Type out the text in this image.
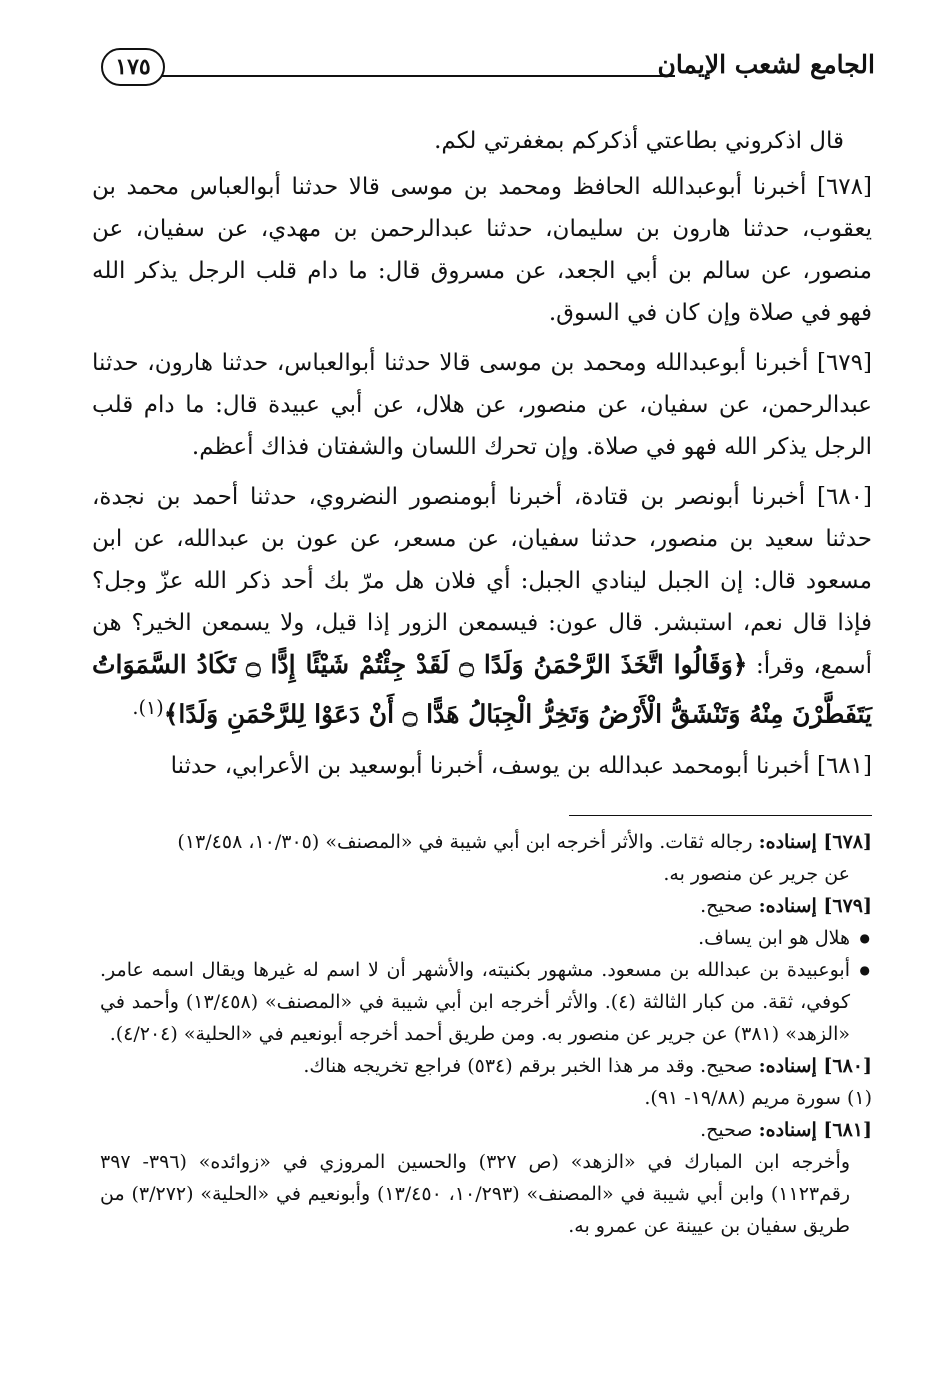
الجامع لشعب الإيمان
١٧٥

قال اذكروني بطاعتي أذكركم بمغفرتي لكم.

[٦٧٨] أخبرنا أبوعبدالله الحافظ ومحمد بن موسى قالا حدثنا أبوالعباس محمد بن يعقوب، حدثنا هارون بن سليمان، حدثنا عبدالرحمن بن مهدي، عن سفيان، عن منصور، عن سالم بن أبي الجعد، عن مسروق قال: ما دام قلب الرجل يذكر الله فهو في صلاة وإن كان في السوق.

[٦٧٩] أخبرنا أبوعبدالله ومحمد بن موسى قالا حدثنا أبوالعباس، حدثنا هارون، حدثنا عبدالرحمن، عن سفيان، عن منصور، عن هلال، عن أبي عبيدة قال: ما دام قلب الرجل يذكر الله فهو في صلاة. وإن تحرك اللسان والشفتان فذاك أعظم.

[٦٨٠] أخبرنا أبونصر بن قتادة، أخبرنا أبومنصور النضروي، حدثنا أحمد بن نجدة، حدثنا سعيد بن منصور، حدثنا سفيان، عن مسعر، عن عون بن عبدالله، عن ابن مسعود قال: إن الجبل لينادي الجبل: أي فلان هل مرّ بك أحد ذكر الله عزّ وجل؟ فإذا قال نعم، استبشر. قال عون: فيسمعن الزور إذا قيل، ولا يسمعن الخير؟ هن أسمع، وقرأ: ﴿وَقَالُوا اتَّخَذَ الرَّحْمَنُ وَلَدًا ۝ لَقَدْ جِئْتُمْ شَيْئًا إِدًّا ۝ تَكَادُ السَّمَوَاتُ يَتَفَطَّرْنَ مِنْهُ وَتَنْشَقُّ الْأَرْضُ وَتَخِرُّ الْجِبَالُ هَدًّا ۝ أَنْ دَعَوْا لِلرَّحْمَنِ وَلَدًا﴾$^{(١).}$

[٦٨١] أخبرنا أبومحمد عبدالله بن يوسف، أخبرنا أبوسعيد بن الأعرابي، حدثنا

[٦٧٨] إسناده: رجاله ثقات. والأثر أخرجه ابن أبي شيبة في «المصنف» (١٠/٣٠٥، ١٣/٤٥٨)

عن جرير عن منصور به.

[٦٧٩] إسناده: صحيح.

● هلال هو ابن يساف.

● أبوعبيدة بن عبدالله بن مسعود. مشهور بكنيته، والأشهر أن لا اسم له غيرها ويقال اسمه عامر. كوفي، ثقة. من كبار الثالثة (٤). والأثر أخرجه ابن أبي شيبة في «المصنف» (١٣/٤٥٨) وأحمد في «الزهد» (٣٨١) عن جرير عن منصور به. ومن طريق أحمد أخرجه أبونعيم في «الحلية» (٤/٢٠٤).

[٦٨٠] إسناده: صحيح. وقد مر هذا الخبر برقم (٥٣٤) فراجع تخريجه هناك.

(١) سورة مريم (١٩/٨٨- ٩١).

[٦٨١] إسناده: صحيح.

وأخرجه ابن المبارك في «الزهد» (ص ٣٢٧) والحسين المروزي في «زوائده» (٣٩٦- ٣٩٧ رقم١١٢٣) وابن أبي شيبة في «المصنف» (١٠/٢٩٣، ١٣/٤٥٠) وأبونعيم في «الحلية» (٣/٢٧٢) من طريق سفيان بن عيينة عن عمرو به.
